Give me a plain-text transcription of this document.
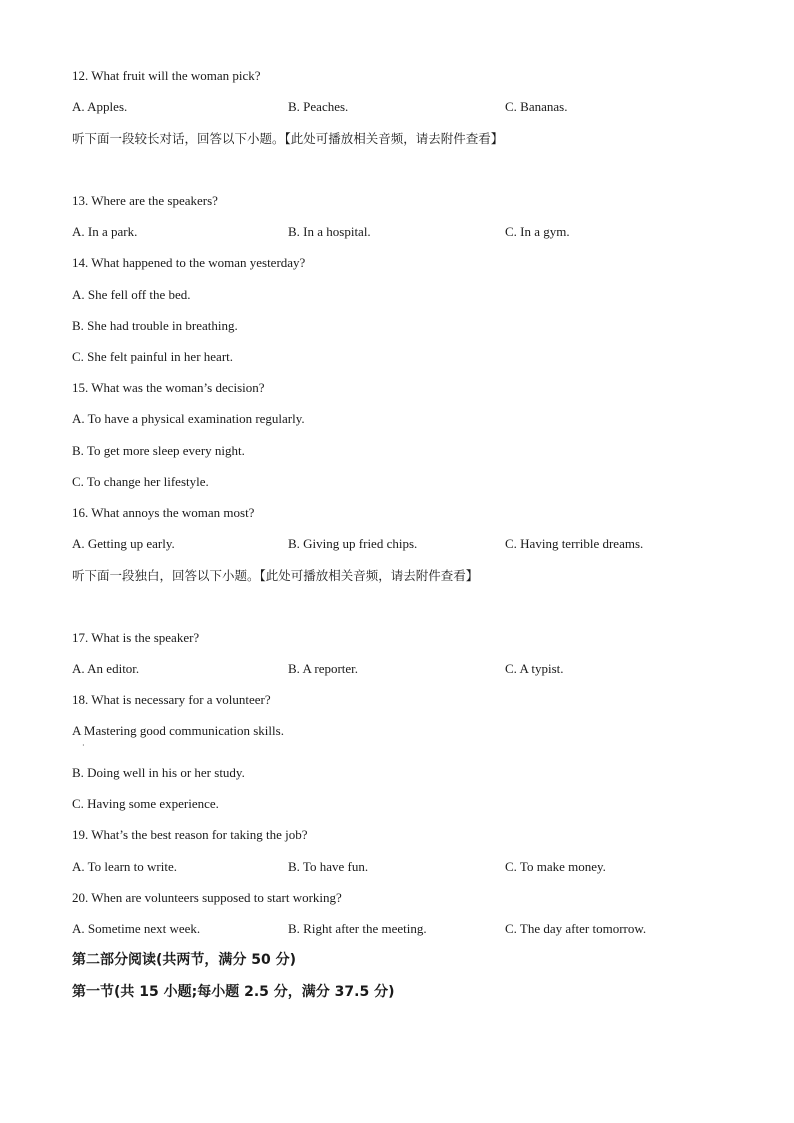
12. What fruit will the woman pick?
A. Apples.	B. Peaches.	C. Bananas.
听下面一段较长对话，回答以下小题。【此处可播放相关音频，请去附件查看】
13. Where are the speakers?
A. In a park.	B. In a hospital.	C. In a gym.
14. What happened to the woman yesterday?
A. She fell off the bed.
B. She had trouble in breathing.
C. She felt painful in her heart.
15. What was the woman’s decision?
A. To have a physical examination regularly.
B. To get more sleep every night.
C. To change her lifestyle.
16. What annoys the woman most?
A. Getting up early.	B. Giving up fried chips.	C. Having terrible dreams.
听下面一段独白，回答以下小题。【此处可播放相关音频，请去附件查看】
17. What is the speaker?
A. An editor.	B. A reporter.	C. A typist.
18. What is necessary for a volunteer?
A Mastering good communication skills.
·
B. Doing well in his or her study.
C. Having some experience.
19. What’s the best reason for taking the job?
A. To learn to write.	B. To have fun.	C. To make money.
20. When are volunteers supposed to start working?
A. Sometime next week.	B. Right after the meeting.	C. The day after tomorrow.
第二部分阅读(共两节，满分 50 分)
第一节(共 15 小题;每小题 2.5 分，满分 37.5 分)
